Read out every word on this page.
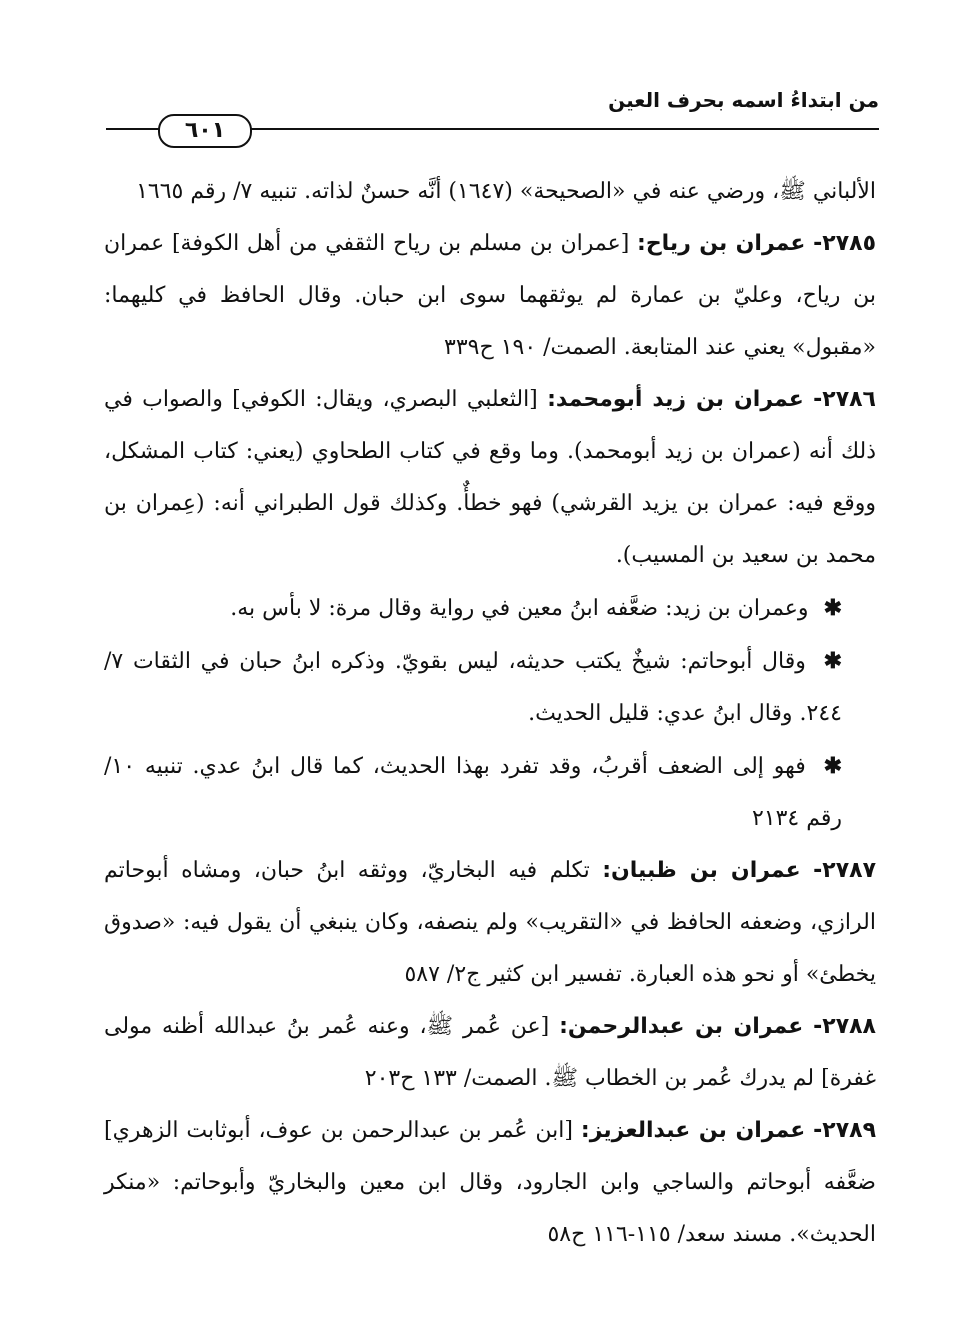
من ابتداءُ اسمه بحرف العين
٦٠١

الألباني ﷺ، ورضي عنه في «الصحيحة» (١٦٤٧) أنَّه حسنٌ لذاته. تنبيه ٧/ رقم ١٦٦٥

٢٧٨٥- عمران بن رياح: [عمران بن مسلم بن رياح الثقفي من أهل الكوفة] عمران بن رياح، وعليّ بن عمارة لم يوثقهما سوى ابن حبان. وقال الحافظ في كليهما: «مقبول» يعني عند المتابعة. الصمت/ ١٩٠ ح٣٣٩

٢٧٨٦- عمران بن زيد أبومحمد: [الثعلبي البصري، ويقال: الكوفي] والصواب في ذلك أنه (عمران بن زيد أبومحمد). وما وقع في كتاب الطحاوي (يعني: كتاب المشكل، ووقع فيه: عمران بن يزيد القرشي) فهو خطأٌ. وكذلك قول الطبراني أنه: (عِمران بن محمد بن سعيد بن المسيب).

✱ وعمران بن زيد: ضعَّفه ابنُ معين في رواية وقال مرة: لا بأس به.

✱ وقال أبوحاتم: شيخٌ يكتب حديثه، ليس بقويّ. وذكره ابنُ حبان في الثقات ٧/ ٢٤٤. وقال ابنُ عدي: قليل الحديث.

✱ فهو إلى الضعف أقربُ، وقد تفرد بهذا الحديث، كما قال ابنُ عدي. تنبيه ١٠/ رقم ٢١٣٤

٢٧٨٧- عمران بن ظبيان: تكلم فيه البخاريّ، ووثقه ابنُ حبان، ومشاه أبوحاتم الرازي، وضعفه الحافظ في «التقريب» ولم ينصفه، وكان ينبغي أن يقول فيه: «صدوق يخطئ» أو نحو هذه العبارة. تفسير ابن كثير ج٢/ ٥٨٧

٢٧٨٨- عمران بن عبدالرحمن: [عن عُمر ﷺ، وعنه عُمر بنُ عبدالله أظنه مولى غفرة] لم يدرك عُمر بن الخطاب ﷺ. الصمت/ ١٣٣ ح٢٠٣

٢٧٨٩- عمران بن عبدالعزيز: [ابن عُمر بن عبدالرحمن بن عوف، أبوثابت الزهري] ضعَّفه أبوحاتم والساجي وابن الجارود، وقال ابن معين والبخاريّ وأبوحاتم: «منكر الحديث». مسند سعد/ ١١٥-١١٦ ح٥٨
